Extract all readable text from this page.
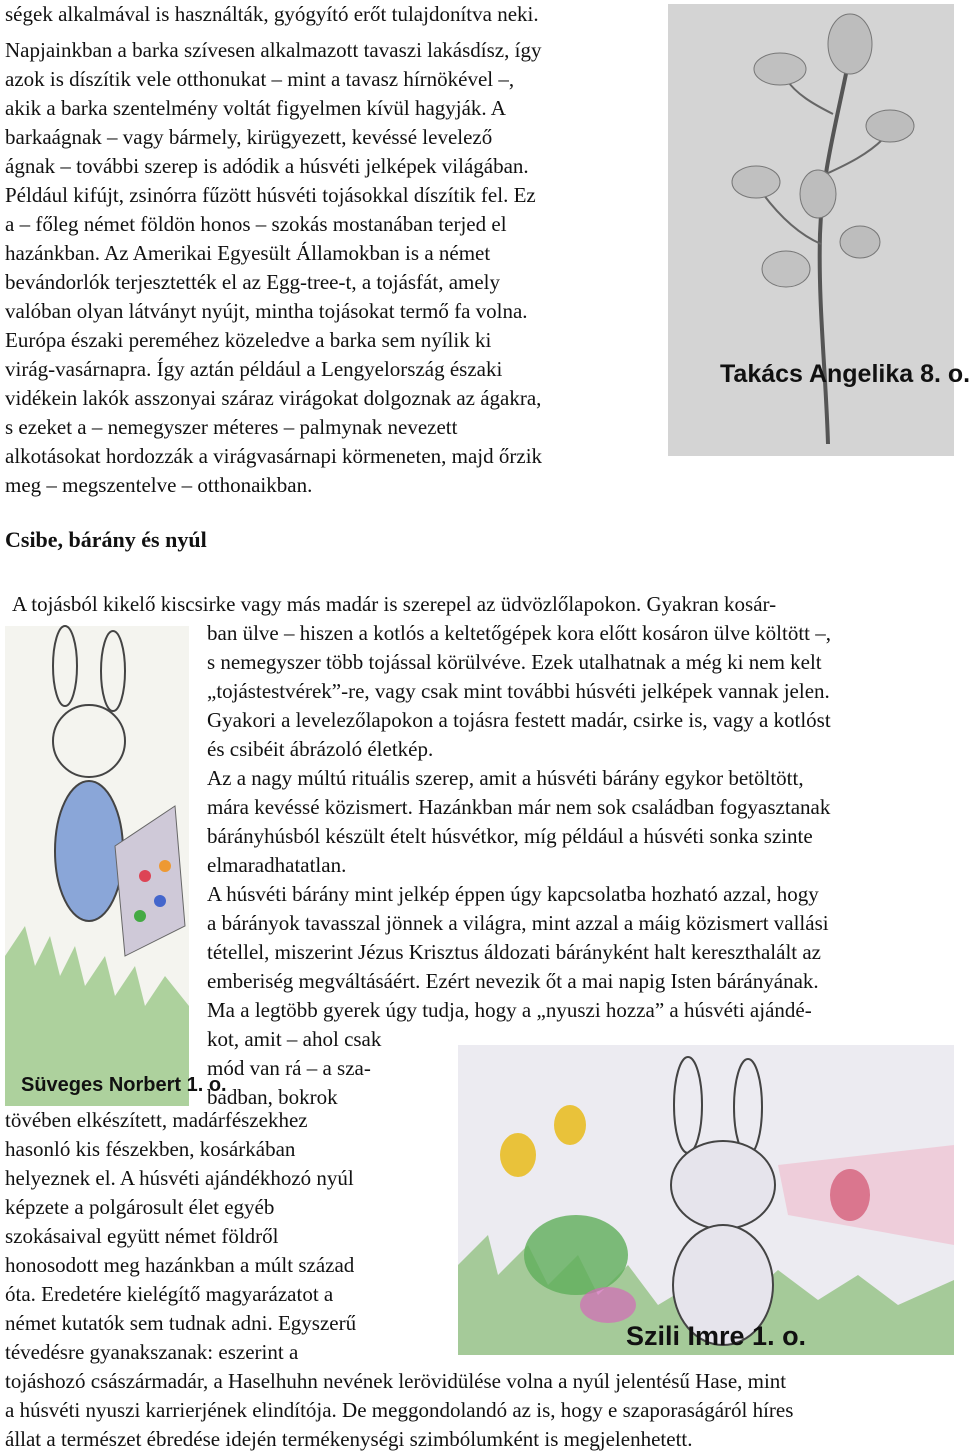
ségek alkalmával is használták, gyógyító erőt tulajdonítva neki.
Napjainkban a barka szívesen alkalmazott tavaszi lakásdísz, így
azok is díszítik vele otthonukat – mint a tavasz hírnökével –,
akik a barka szentelmény voltát figyelmen kívül hagyják. A
barkaágnak – vagy bármely, kirügyezett, kevéssé levelező
ágnak – további szerep is adódik a húsvéti jelképek világában.
Például kifújt, zsinórra fűzött húsvéti tojásokkal díszítik fel. Ez
a – főleg német földön honos – szokás mostanában terjed el
hazánkban. Az Amerikai Egyesült Államokban is a német
bevándorlók terjesztették el az Egg-tree-t, a tojásfát, amely
valóban olyan látványt nyújt, mintha tojásokat termő fa volna.
Európa északi pereméhez közeledve a barka sem nyílik ki
virág-vasárnapra. Így aztán például a Lengyelország északi
vidékein lakók asszonyai száraz virágokat dolgoznak az ágakra,
s ezeket a – nemegyszer méteres – palmynak nevezett
alkotásokat hordozzák a virágvasárnapi körmeneten, majd őrzik
meg – megszentelve – otthonaikban.
Takács Angelika 8. o.
Csibe, bárány és nyúl
A tojásból kikelő kiscsirke vagy más madár is szerepel az üdvözlőlapokon. Gyakran kosár-
Süveges Norbert 1. o.
ban ülve – hiszen a kotlós a keltetőgépek kora előtt kosáron ülve költött –,
s nemegyszer több tojással körülvéve. Ezek utalhatnak a még ki nem kelt
„tojástestvérek”-re, vagy csak mint további húsvéti jelképek vannak jelen.
Gyakori a levelezőlapokon a tojásra festett madár, csirke is, vagy a kotlóst
és csibéit ábrázoló életkép.
Az a nagy múltú rituális szerep, amit a húsvéti bárány egykor betöltött,
mára kevéssé közismert. Hazánkban már nem sok családban fogyasztanak
bárányhúsból készült ételt húsvétkor, míg például a húsvéti sonka szinte
elmaradhatatlan.
A húsvéti bárány mint jelkép éppen úgy kapcsolatba hozható azzal, hogy
a bárányok tavasszal jönnek a világra, mint azzal a máig közismert vallási
tétellel, miszerint Jézus Krisztus áldozati bárányként halt kereszthalált az
emberiség megváltásáért. Ezért nevezik őt a mai napig Isten bárányának.
Ma a legtöbb gyerek úgy tudja, hogy a „nyuszi hozza” a húsvéti ajándé-
kot, amit – ahol csak
mód van rá – a sza-
badban, bokrok
Szili Imre 1. o.
tövében elkészített, madárfészekhez
hasonló kis fészekben, kosárkában
helyeznek el. A húsvéti ajándékhozó nyúl
képzete a polgárosult élet egyéb
szokásaival együtt német földről
honosodott meg hazánkban a múlt század
óta. Eredetére kielégítő magyarázatot a
német kutatók sem tudnak adni. Egyszerű
tévedésre gyanakszanak: eszerint a
tojáshozó császármadár, a Haselhuhn nevének lerövidülése volna a nyúl jelentésű Hase, mint
a húsvéti nyuszi karrierjének elindítója. De meggondolandó az is, hogy e szaporaságáról híres
állat a természet ébredése idején termékenységi szimbólumként is megjelenhetett.
